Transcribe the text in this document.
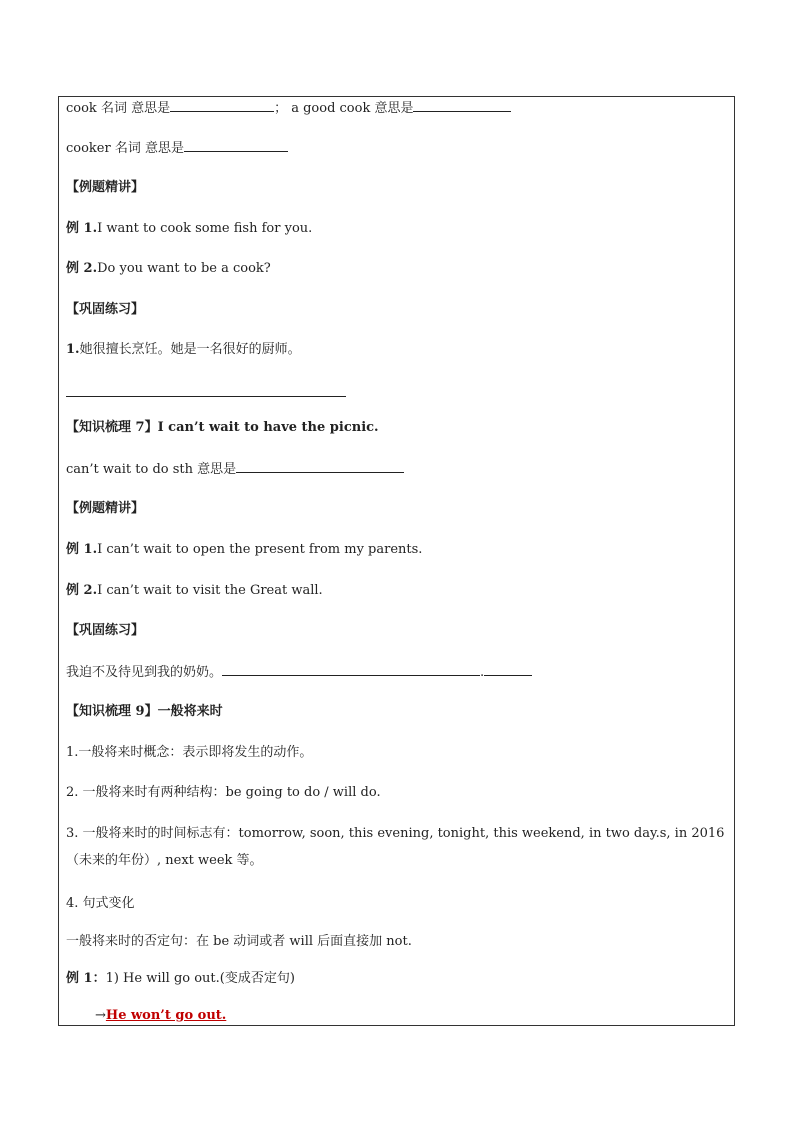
cook 名词 意思是	； a good cook 意思是
cooker 名词 意思是
【例题精讲】
例 1.I want to cook some fish for you.
例 2.Do you want to be a cook?
【巩固练习】
1.她很擅长烹饪。她是一名很好的厨师。
【知识梳理 7】I can’t wait to have the picnic.
can’t wait to do sth 意思是
【例题精讲】
例 1.I can’t wait to open the present from my parents.
例 2.I can’t wait to visit the Great wall.
【巩固练习】
我迫不及待见到我的奶奶。	.
【知识梳理 9】一般将来时
1.一般将来时概念：表示即将发生的动作。
2. 一般将来时有两种结构：be going to do / will do.
3. 一般将来时的时间标志有：tomorrow, soon, this evening, tonight, this weekend, in two day.s, in 2016（未来的年份）, next week 等。
4. 句式变化
一般将来时的否定句：在 be 动词或者 will 后面直接加 not.
例 1：1) He will go out.(变成否定句)
→He won’t go out.
